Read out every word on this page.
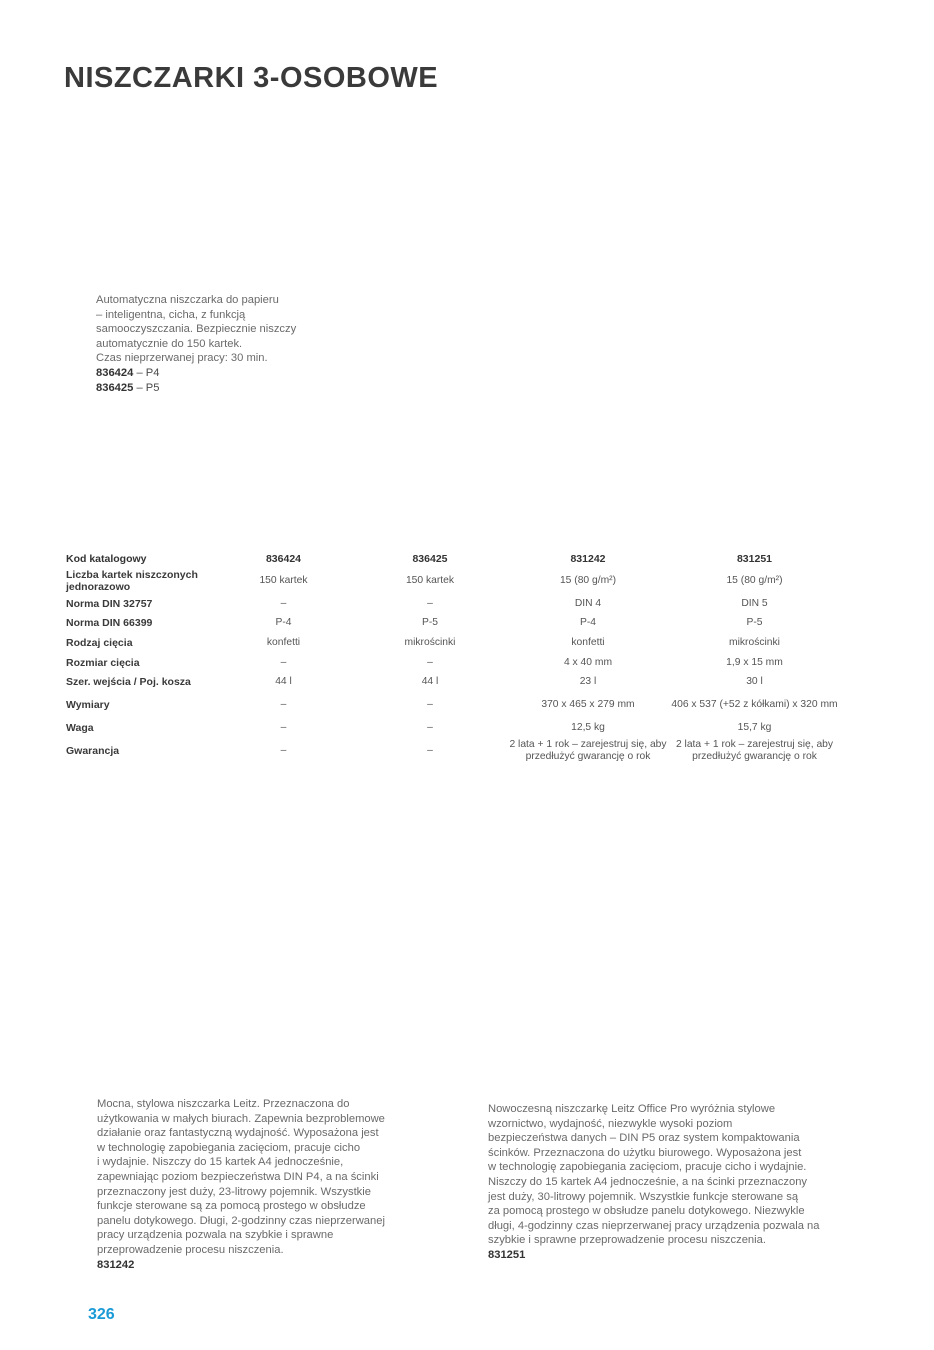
NISZCZARKI 3-OSOBOWE
Automatyczna niszczarka do papieru
– inteligentna, cicha, z funkcją
samooczyszczania. Bezpiecznie niszczy
automatycznie do 150 kartek.
Czas nieprzerwanej pracy: 30 min.
836424 – P4
836425 – P5
Kod katalogowy	836424	836425	831242	831251
Liczba kartek niszczonych jednorazowo	150 kartek	150 kartek	15 (80 g/m²)	15 (80 g/m²)
Norma DIN 32757	–	–	DIN 4	DIN 5
Norma DIN 66399	P-4	P-5	P-4	P-5
Rodzaj cięcia	konfetti	mikrościnki	konfetti	mikrościnki
Rozmiar cięcia	–	–	4 x 40 mm	1,9 x 15 mm
Szer. wejścia / Poj. kosza	44 l	44 l	23 l	30 l
Wymiary	–	–	370 x 465 x 279 mm	406 x 537 (+52 z kółkami) x 320 mm
Waga	–	–	12,5 kg	15,7 kg
Gwarancja	–	–	2 lata + 1 rok – zarejestruj się, aby przedłużyć gwarancję o rok	2 lata + 1 rok – zarejestruj się, aby przedłużyć gwarancję o rok
Mocna, stylowa niszczarka Leitz. Przeznaczona do
użytkowania w małych biurach. Zapewnia bezproblemowe
działanie oraz fantastyczną wydajność. Wyposażona jest
w technologię zapobiegania zacięciom, pracuje cicho
i wydajnie. Niszczy do 15 kartek A4 jednocześnie,
zapewniając poziom bezpieczeństwa DIN P4, a na ścinki
przeznaczony jest duży, 23-litrowy pojemnik. Wszystkie
funkcje sterowane są za pomocą prostego w obsłudze
panelu dotykowego. Długi, 2-godzinny czas nieprzerwanej
pracy urządzenia pozwala na szybkie i sprawne
przeprowadzenie procesu niszczenia.
831242
Nowoczesną niszczarkę Leitz Office Pro wyróżnia stylowe
wzornictwo, wydajność, niezwykle wysoki poziom
bezpieczeństwa danych – DIN P5 oraz system kompaktowania
ścinków. Przeznaczona do użytku biurowego. Wyposażona jest
w technologię zapobiegania zacięciom, pracuje cicho i wydajnie.
Niszczy do 15 kartek A4 jednocześnie, a na ścinki przeznaczony
jest duży, 30-litrowy pojemnik. Wszystkie funkcje sterowane są
za pomocą prostego w obsłudze panelu dotykowego. Niezwykle
długi, 4-godzinny czas nieprzerwanej pracy urządzenia pozwala na
szybkie i sprawne przeprowadzenie procesu niszczenia.
831251
326
